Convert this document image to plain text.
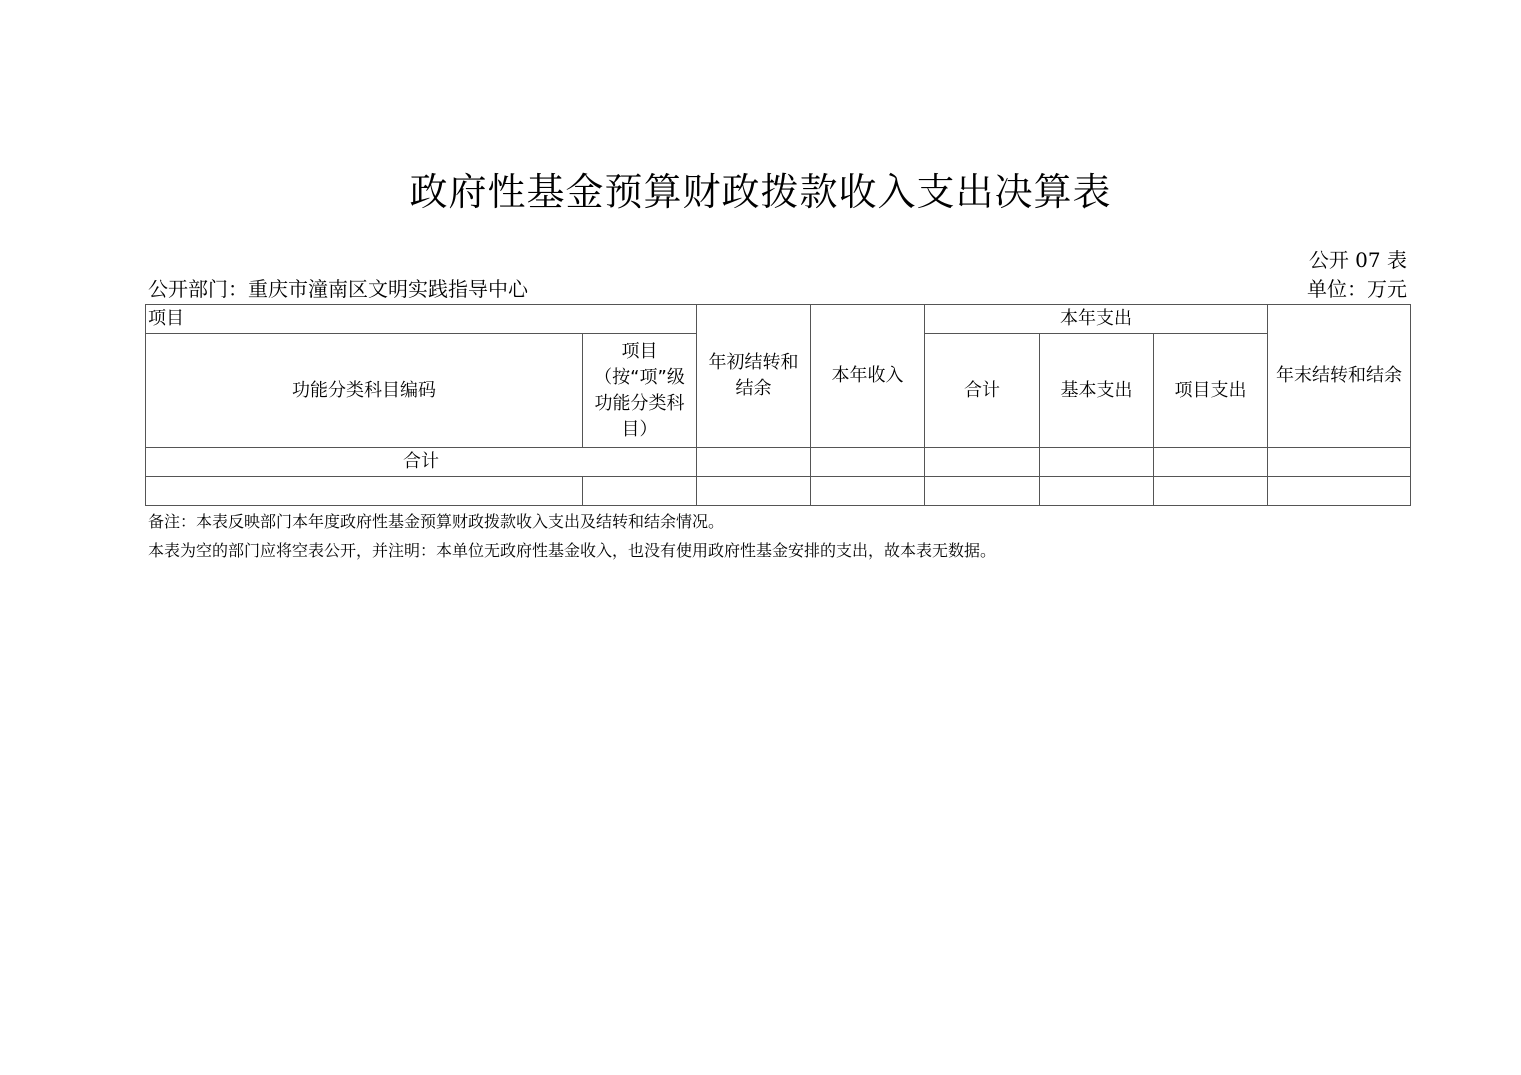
政府性基金预算财政拨款收入支出决算表
公开 07 表
公开部门：重庆市潼南区文明实践指导中心	单位：万元
项目		年初结转和结余	本年收入	本年支出			年末结转和结余
功能分类科目编码	项目（按“项”级功能分类科目）			合计	基本支出	项目支出	
合计							

备注：本表反映部门本年度政府性基金预算财政拨款收入支出及结转和结余情况。
本表为空的部门应将空表公开，并注明：本单位无政府性基金收入，也没有使用政府性基金安排的支出，故本表无数据。
